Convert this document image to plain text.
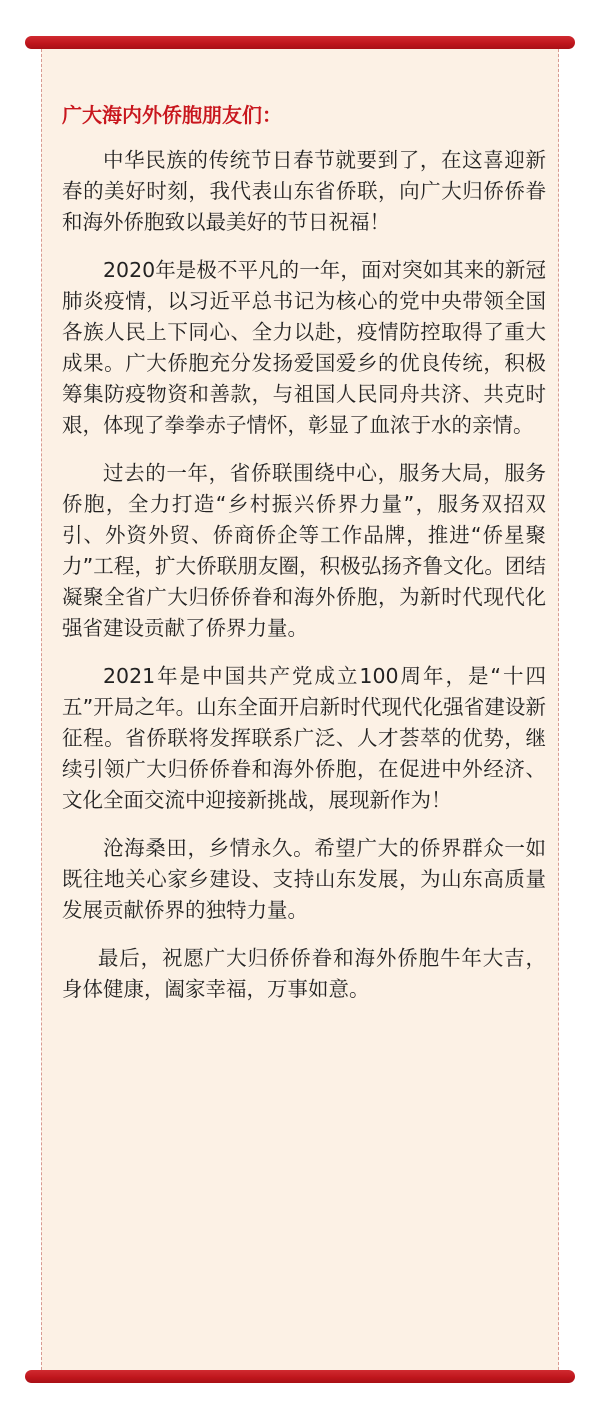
广大海内外侨胞朋友们：

中华民族的传统节日春节就要到了，在这喜迎新春的美好时刻，我代表山东省侨联，向广大归侨侨眷和海外侨胞致以最美好的节日祝福！

2020年是极不平凡的一年，面对突如其来的新冠肺炎疫情，以习近平总书记为核心的党中央带领全国各族人民上下同心、全力以赴，疫情防控取得了重大成果。广大侨胞充分发扬爱国爱乡的优良传统，积极筹集防疫物资和善款，与祖国人民同舟共济、共克时艰，体现了拳拳赤子情怀，彰显了血浓于水的亲情。

过去的一年，省侨联围绕中心，服务大局，服务侨胞，全力打造“乡村振兴侨界力量”，服务双招双引、外资外贸、侨商侨企等工作品牌，推进“侨星聚力”工程，扩大侨联朋友圈，积极弘扬齐鲁文化。团结凝聚全省广大归侨侨眷和海外侨胞，为新时代现代化强省建设贡献了侨界力量。

2021年是中国共产党成立100周年，是“十四五”开局之年。山东全面开启新时代现代化强省建设新征程。省侨联将发挥联系广泛、人才荟萃的优势，继续引领广大归侨侨眷和海外侨胞，在促进中外经济、文化全面交流中迎接新挑战，展现新作为！

沧海桑田，乡情永久。希望广大的侨界群众一如既往地关心家乡建设、支持山东发展，为山东高质量发展贡献侨界的独特力量。

最后，祝愿广大归侨侨眷和海外侨胞牛年大吉，身体健康，阖家幸福，万事如意。
